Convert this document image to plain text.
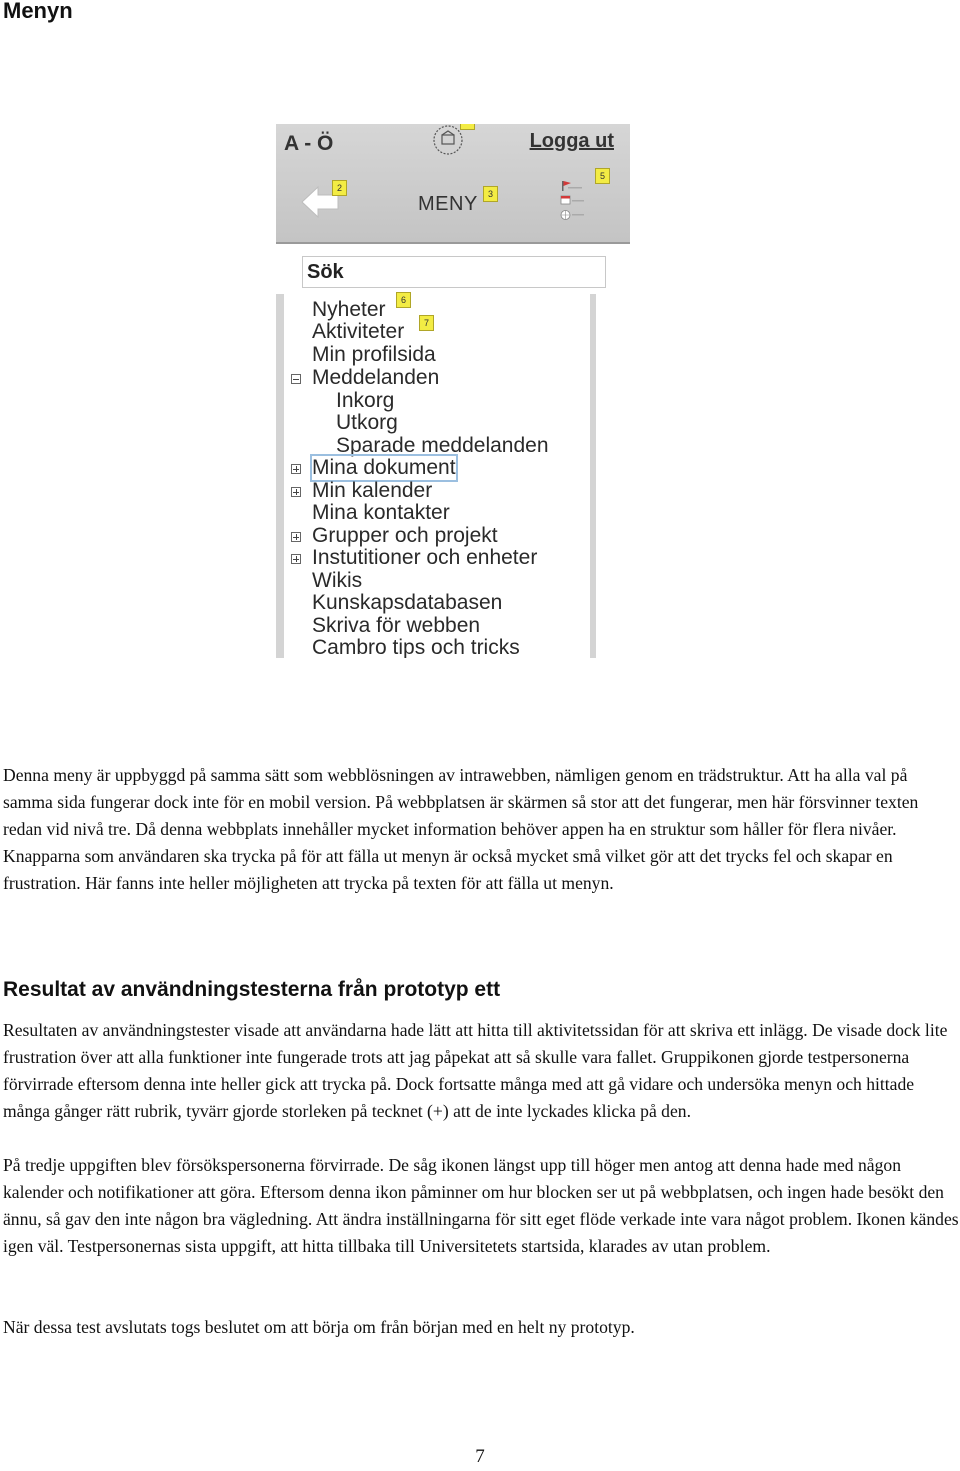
Menyn
A - Ö	Logga ut
MENY
2
3
5
Sök
Nyheter
Aktiviteter
Min profilsida
Meddelanden
Inkorg
Utkorg
Sparade meddelanden
Mina dokument
Min kalender
Mina kontakter
Grupper och projekt
Instutitioner och enheter
Wikis
Kunskapsdatabasen
Skriva för webben
Cambro tips och tricks
6
7

Denna meny är uppbyggd på samma sätt som webblösningen av intrawebben, nämligen genom en trädstruktur. Att ha alla val på samma sida fungerar dock inte för en mobil version. På webbplatsen är skärmen så stor att det fungerar, men här försvinner texten redan vid nivå tre. Då denna webbplats innehåller mycket information behöver appen ha en struktur som håller för flera nivåer. Knapparna som användaren ska trycka på för att fälla ut menyn är också mycket små vilket gör att det trycks fel och skapar en frustration. Här fanns inte heller möjligheten att trycka på texten för att fälla ut menyn.

Resultat av användningstesterna från prototyp ett

Resultaten av användningstester visade att användarna hade lätt att hitta till aktivitetssidan för att skriva ett inlägg. De visade dock lite frustration över att alla funktioner inte fungerade trots att jag påpekat att så skulle vara fallet. Gruppikonen gjorde testpersonerna förvirrade eftersom denna inte heller gick att trycka på. Dock fortsatte många med att gå vidare och undersöka menyn och hittade många gånger rätt rubrik, tyvärr gjorde storleken på tecknet (+) att de inte lyckades klicka på den.

På tredje uppgiften blev försökspersonerna förvirrade. De såg ikonen längst upp till höger men antog att denna hade med någon kalender och notifikationer att göra. Eftersom denna ikon påminner om hur blocken ser ut på webbplatsen, och ingen hade besökt den ännu, så gav den inte någon bra vägledning. Att ändra inställningarna för sitt eget flöde verkade inte vara något problem. Ikonen kändes igen väl. Testpersonernas sista uppgift, att hitta tillbaka till Universitetets startsida, klarades av utan problem.

När dessa test avslutats togs beslutet om att börja om från början med en helt ny prototyp.

7
